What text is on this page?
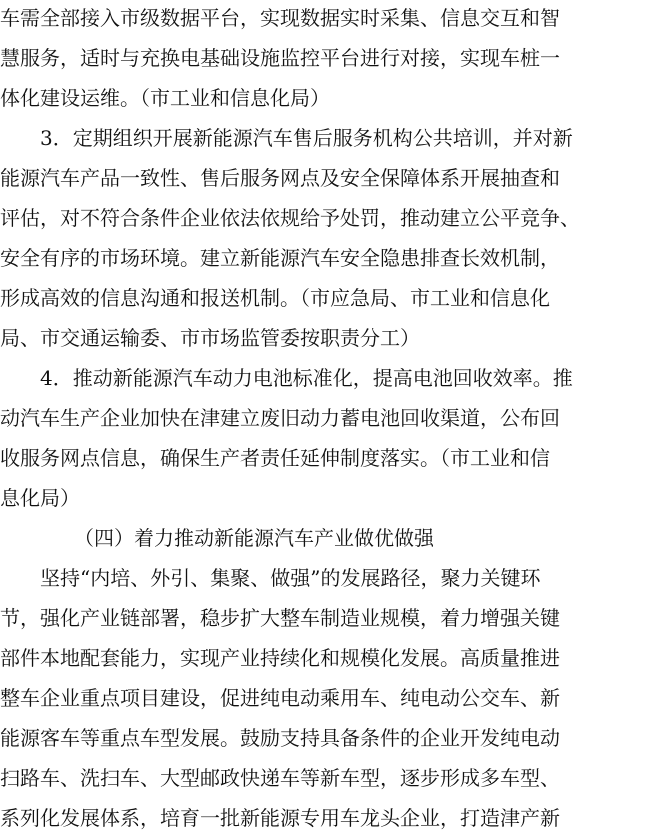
车需全部接入市级数据平台，实现数据实时采集、信息交互和智
慧服务，适时与充换电基础设施监控平台进行对接，实现车桩一
体化建设运维。（市工业和信息化局）
3．定期组织开展新能源汽车售后服务机构公共培训，并对新
能源汽车产品一致性、售后服务网点及安全保障体系开展抽查和
评估，对不符合条件企业依法依规给予处罚，推动建立公平竞争、
安全有序的市场环境。建立新能源汽车安全隐患排查长效机制，
形成高效的信息沟通和报送机制。（市应急局、市工业和信息化
局、市交通运输委、市市场监管委按职责分工）
4．推动新能源汽车动力电池标准化，提高电池回收效率。推
动汽车生产企业加快在津建立废旧动力蓄电池回收渠道，公布回
收服务网点信息，确保生产者责任延伸制度落实。（市工业和信
息化局）
（四）着力推动新能源汽车产业做优做强
坚持“内培、外引、集聚、做强”的发展路径，聚力关键环
节，强化产业链部署，稳步扩大整车制造业规模，着力增强关键
部件本地配套能力，实现产业持续化和规模化发展。高质量推进
整车企业重点项目建设，促进纯电动乘用车、纯电动公交车、新
能源客车等重点车型发展。鼓励支持具备条件的企业开发纯电动
扫路车、洗扫车、大型邮政快递车等新车型，逐步形成多车型、
系列化发展体系，培育一批新能源专用车龙头企业，打造津产新
